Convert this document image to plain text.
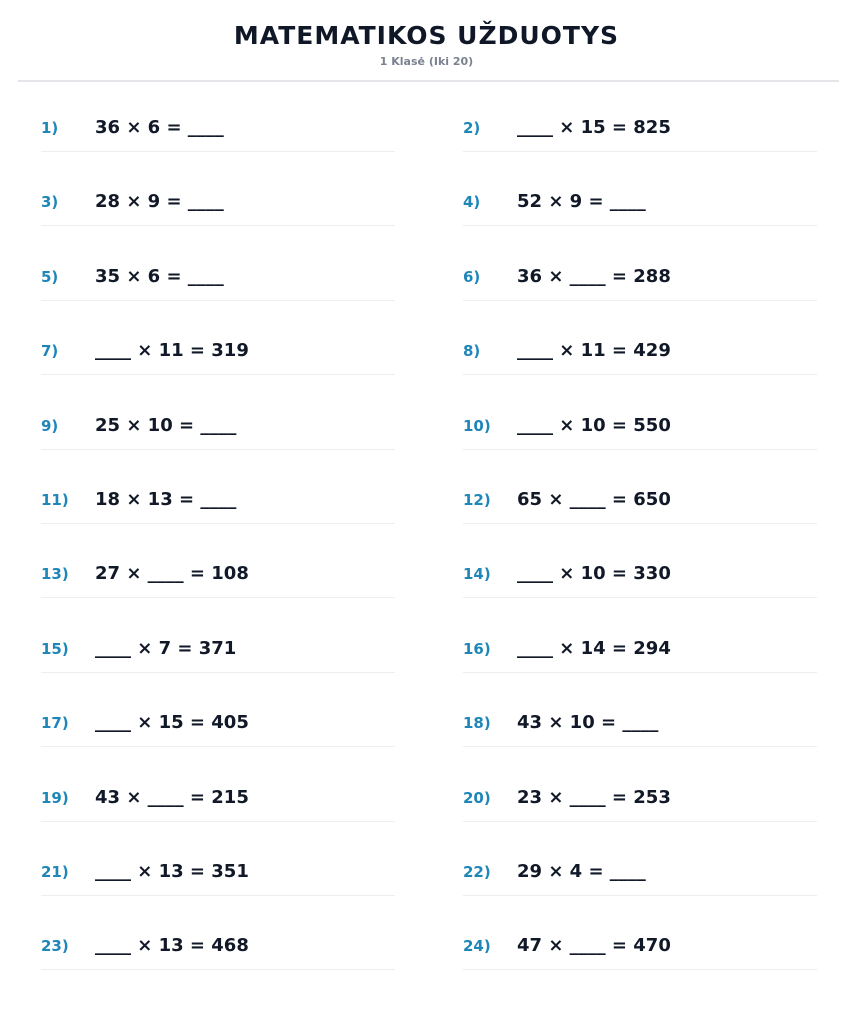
MATEMATIKOS UŽDUOTYS
1 Klasė (Iki 20)
1) 36 × 6 = ____	2) ____ × 15 = 825
3) 28 × 9 = ____	4) 52 × 9 = ____
5) 35 × 6 = ____	6) 36 × ____ = 288
7) ____ × 11 = 319	8) ____ × 11 = 429
9) 25 × 10 = ____	10) ____ × 10 = 550
11) 18 × 13 = ____	12) 65 × ____ = 650
13) 27 × ____ = 108	14) ____ × 10 = 330
15) ____ × 7 = 371	16) ____ × 14 = 294
17) ____ × 15 = 405	18) 43 × 10 = ____
19) 43 × ____ = 215	20) 23 × ____ = 253
21) ____ × 13 = 351	22) 29 × 4 = ____
23) ____ × 13 = 468	24) 47 × ____ = 470
